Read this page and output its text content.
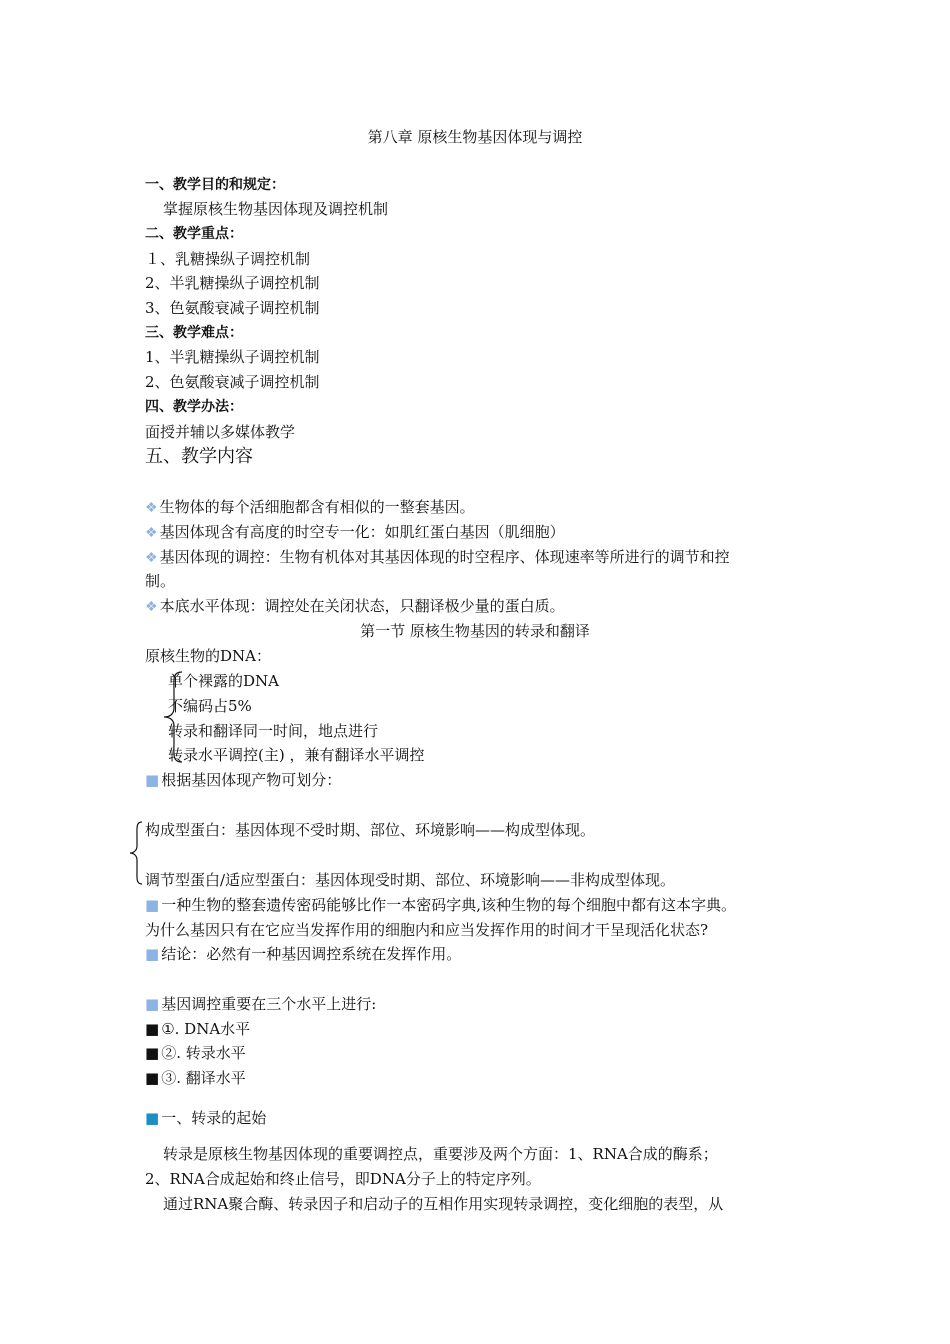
第八章 原核生物基因体现与调控
一、教学目的和规定：
掌握原核生物基因体现及调控机制
二、教学重点：
１、乳糖操纵子调控机制
2、半乳糖操纵子调控机制
3、色氨酸衰减子调控机制
三、教学难点：
1、半乳糖操纵子调控机制
2、色氨酸衰减子调控机制
四、教学办法：
面授并辅以多媒体教学
五、教学内容
❖ 生物体的每个活细胞都含有相似的一整套基因。
❖ 基因体现含有高度的时空专一化：如肌红蛋白基因（肌细胞）
❖ 基因体现的调控：生物有机体对其基因体现的时空程序、体现速率等所进行的调节和控
制。
❖ 本底水平体现：调控处在关闭状态，只翻译极少量的蛋白质。
第一节 原核生物基因的转录和翻译
原核生物的DNA：
单个裸露的DNA
不编码占5%
转录和翻译同一时间，地点进行
转录水平调控(主) ，兼有翻译水平调控
■ 根据基因体现产物可划分：
构成型蛋白：基因体现不受时期、部位、环境影响——构成型体现。
调节型蛋白/适应型蛋白：基因体现受时期、部位、环境影响——非构成型体现。
■ 一种生物的整套遗传密码能够比作一本密码字典,该种生物的每个细胞中都有这本字典。
为什么基因只有在它应当发挥作用的细胞内和应当发挥作用的时间才干呈现活化状态?
■ 结论：必然有一种基因调控系统在发挥作用。
■ 基因调控重要在三个水平上进行:
■ ①. DNA水平
■ ②. 转录水平
■ ③. 翻译水平
■ 一、转录的起始
转录是原核生物基因体现的重要调控点，重要涉及两个方面：1、RNA合成的酶系；
2、RNA合成起始和终止信号，即DNA分子上的特定序列。
通过RNA聚合酶、转录因子和启动子的互相作用实现转录调控，变化细胞的表型，从
